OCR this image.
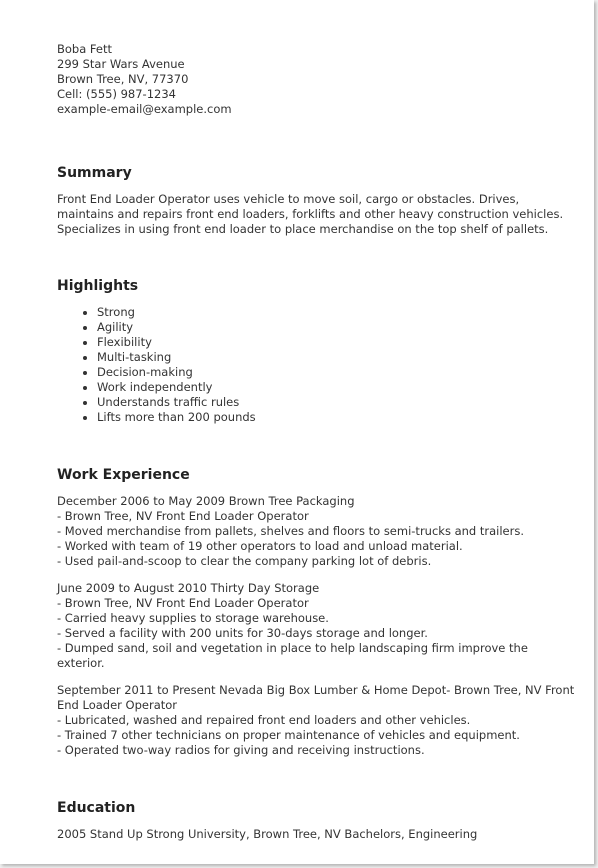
Boba Fett
299 Star Wars Avenue
Brown Tree, NV, 77370
Cell: (555) 987-1234
example-email@example.com
Summary
Front End Loader Operator uses vehicle to move soil, cargo or obstacles. Drives, maintains and repairs front end loaders, forklifts and other heavy construction vehicles. Specializes in using front end loader to place merchandise on the top shelf of pallets.
Highlights
• Strong
• Agility
• Flexibility
• Multi-tasking
• Decision-making
• Work independently
• Understands traffic rules
• Lifts more than 200 pounds
Work Experience
December 2006 to May 2009 Brown Tree Packaging
- Brown Tree, NV Front End Loader Operator
- Moved merchandise from pallets, shelves and floors to semi-trucks and trailers.
- Worked with team of 19 other operators to load and unload material.
- Used pail-and-scoop to clear the company parking lot of debris.
June 2009 to August 2010 Thirty Day Storage
- Brown Tree, NV Front End Loader Operator
- Carried heavy supplies to storage warehouse.
- Served a facility with 200 units for 30-days storage and longer.
- Dumped sand, soil and vegetation in place to help landscaping firm improve the exterior.
September 2011 to Present Nevada Big Box Lumber & Home Depot- Brown Tree, NV Front End Loader Operator
- Lubricated, washed and repaired front end loaders and other vehicles.
- Trained 7 other technicians on proper maintenance of vehicles and equipment.
- Operated two-way radios for giving and receiving instructions.
Education
2005 Stand Up Strong University, Brown Tree, NV Bachelors, Engineering
